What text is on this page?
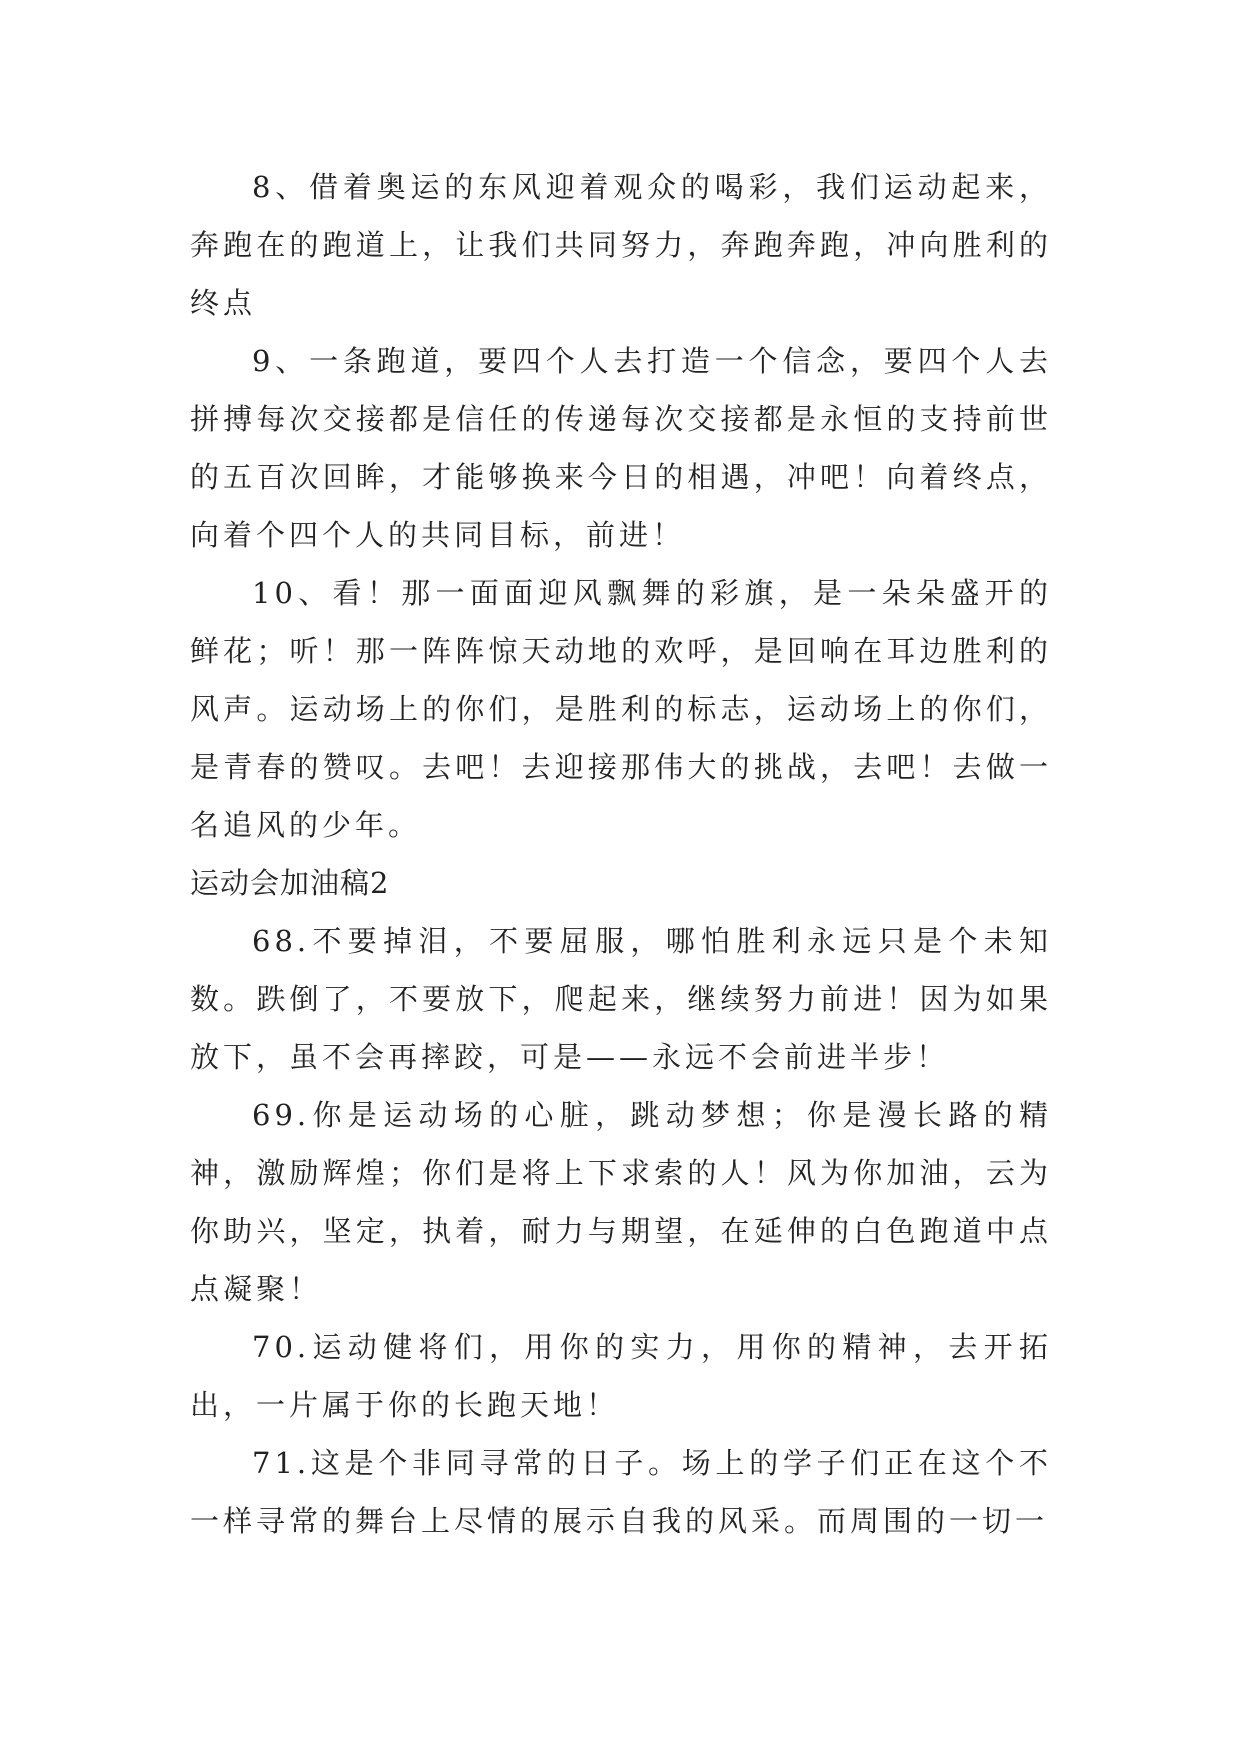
8、借着奥运的东风迎着观众的喝彩，我们运动起来，奔跑在的跑道上，让我们共同努力，奔跑奔跑，冲向胜利的终点

9、一条跑道，要四个人去打造一个信念，要四个人去拼搏每次交接都是信任的传递每次交接都是永恒的支持前世的五百次回眸，才能够换来今日的相遇，冲吧！向着终点，向着个四个人的共同目标，前进！

10、看！那一面面迎风飘舞的彩旗，是一朵朵盛开的鲜花；听！那一阵阵惊天动地的欢呼，是回响在耳边胜利的风声。运动场上的你们，是胜利的标志，运动场上的你们，是青春的赞叹。去吧！去迎接那伟大的挑战，去吧！去做一名追风的少年。

运动会加油稿2

68.不要掉泪，不要屈服，哪怕胜利永远只是个未知数。跌倒了，不要放下，爬起来，继续努力前进！因为如果放下，虽不会再摔跤，可是——永远不会前进半步！

69.你是运动场的心脏，跳动梦想；你是漫长路的精神，激励辉煌；你们是将上下求索的人！风为你加油，云为你助兴，坚定，执着，耐力与期望，在延伸的白色跑道中点点凝聚！

70.运动健将们，用你的实力，用你的精神，去开拓出，一片属于你的长跑天地！

71.这是个非同寻常的日子。场上的学子们正在这个不一样寻常的舞台上尽情的展示自我的风采。而周围的一切一
